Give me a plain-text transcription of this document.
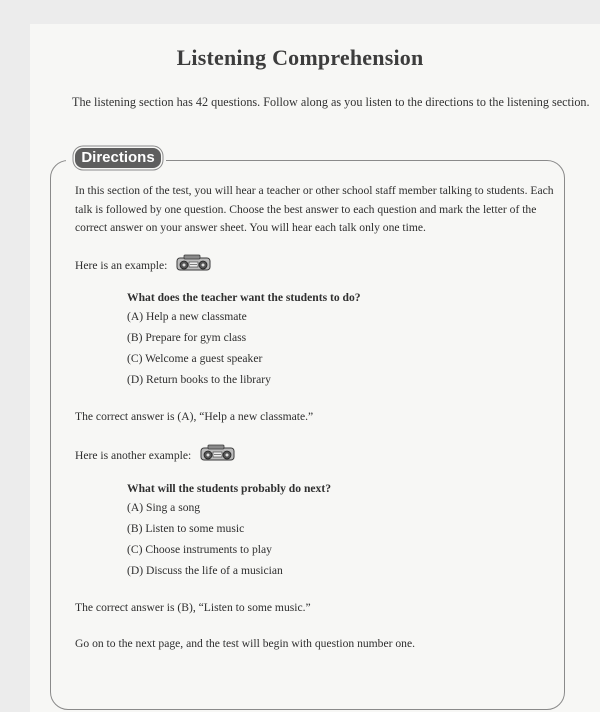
Listening Comprehension
The listening section has 42 questions. Follow along as you listen to the directions to the listening section.
Directions
In this section of the test, you will hear a teacher or other school staff member talking to students. Each talk is followed by one question. Choose the best answer to each question and mark the letter of the correct answer on your answer sheet. You will hear each talk only one time.
Here is an example:
What does the teacher want the students to do?
(A) Help a new classmate
(B) Prepare for gym class
(C) Welcome a guest speaker
(D) Return books to the library
The correct answer is (A), “Help a new classmate.”
Here is another example:
What will the students probably do next?
(A) Sing a song
(B) Listen to some music
(C) Choose instruments to play
(D) Discuss the life of a musician
The correct answer is (B), “Listen to some music.”
Go on to the next page, and the test will begin with question number one.
